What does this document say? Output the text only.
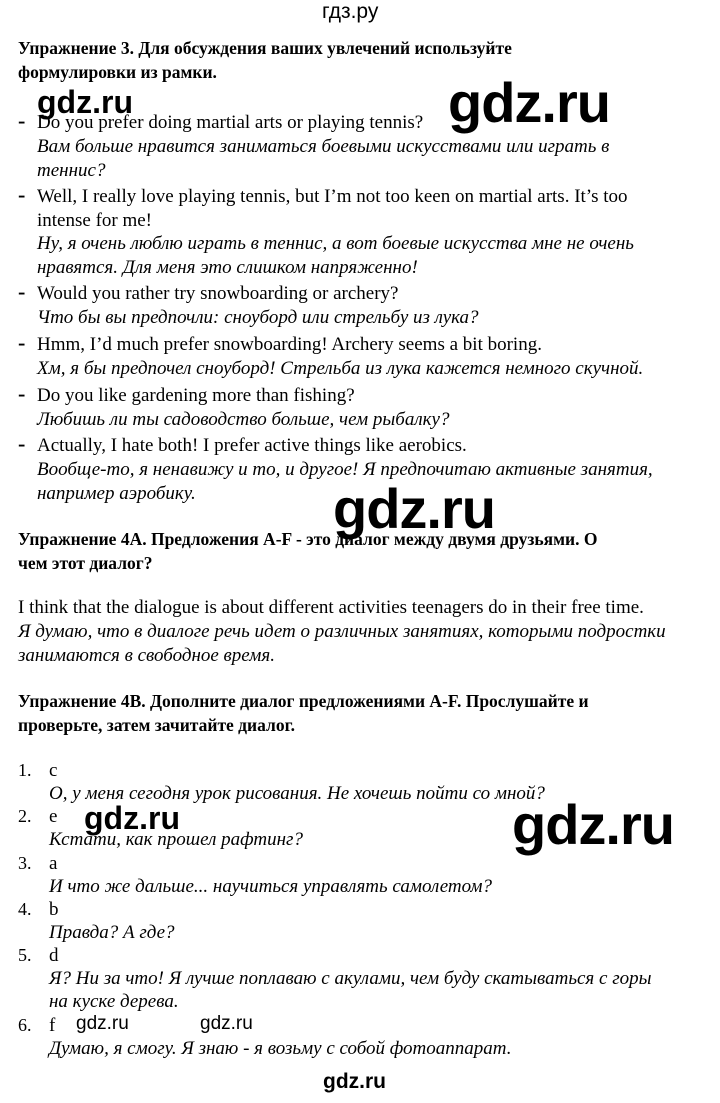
гдз.ру
Упражнение 3. Для обсуждения ваших увлечений используйте
формулировки из рамки.
- Do you prefer doing martial arts or playing tennis?
Вам больше нравится заниматься боевыми искусствами или играть в
теннис?
- Well, I really love playing tennis, but I’m not too keen on martial arts. It’s too
intense for me!
Ну, я очень люблю играть в теннис, а вот боевые искусства мне не очень
нравятся. Для меня это слишком напряженно!
- Would you rather try snowboarding or archery?
Что бы вы предпочли: сноуборд или стрельбу из лука?
- Hmm, I’d much prefer snowboarding! Archery seems a bit boring.
Хм, я бы предпочел сноуборд! Стрельба из лука кажется немного скучной.
- Do you like gardening more than fishing?
Любишь ли ты садоводство больше, чем рыбалку?
- Actually, I hate both! I prefer active things like aerobics.
Вообще-то, я ненавижу и то, и другое! Я предпочитаю активные занятия,
например аэробику.
Упражнение 4A. Предложения A-F - это диалог между двумя друзьями. О
чем этот диалог?
I think that the dialogue is about different activities teenagers do in their free time.
Я думаю, что в диалоге речь идет о различных занятиях, которыми подростки
занимаются в свободное время.
Упражнение 4B. Дополните диалог предложениями A-F. Прослушайте и
проверьте, затем зачитайте диалог.
1. c
О, у меня сегодня урок рисования. Не хочешь пойти со мной?
2. e
Кстати, как прошел рафтинг?
3. a
И что же дальше... научиться управлять самолетом?
4. b
Правда? А где?
5. d
Я? Ни за что! Я лучше поплаваю с акулами, чем буду скатываться с горы
на куске дерева.
6. f
Думаю, я смогу. Я знаю - я возьму с собой фотоаппарат.
gdz.ru	gdz.ru
gdz.ru
gdz.ru	gdz.ru
gdz.ru	gdz.ru
gdz.ru
